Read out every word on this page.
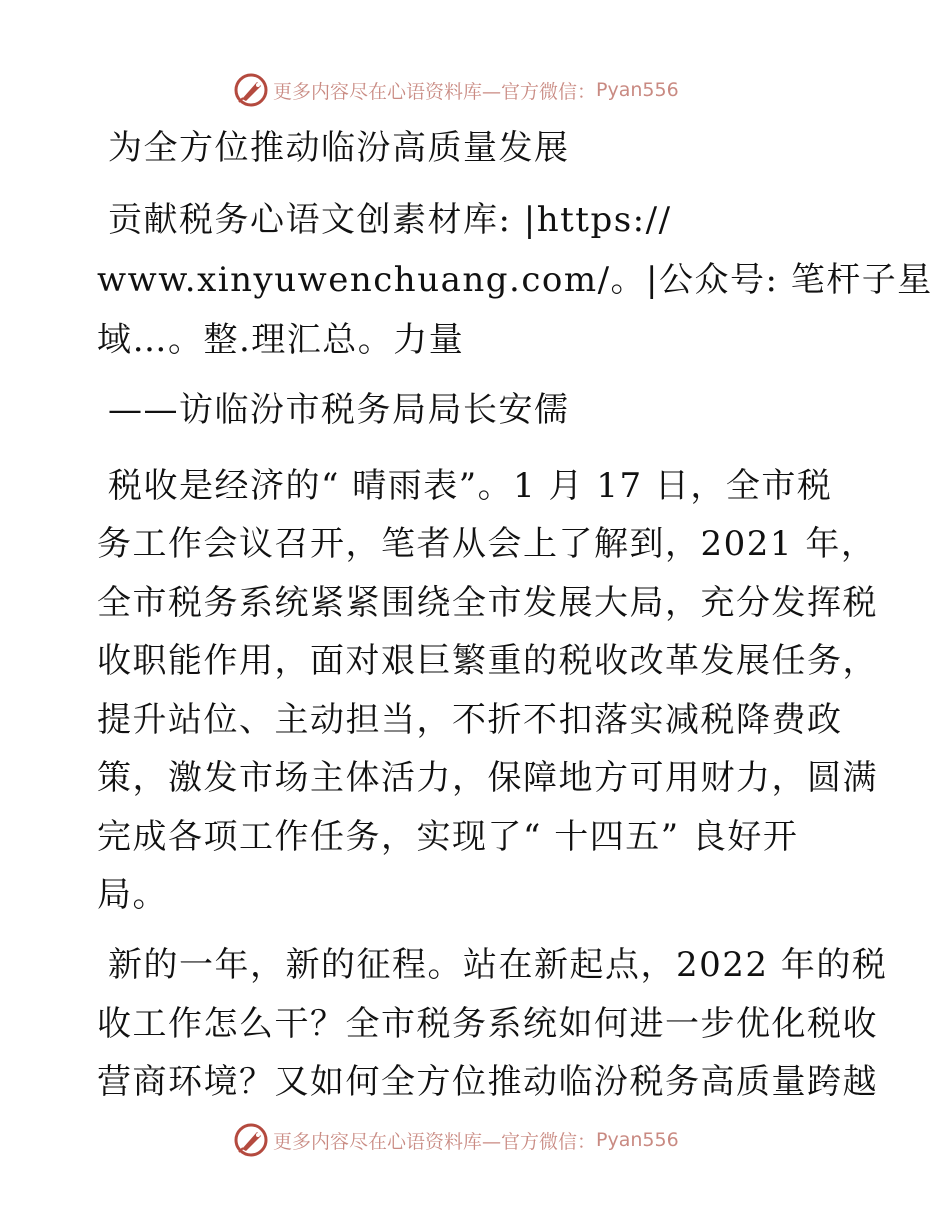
更多内容尽在心语资料库—官方微信： Pyan556

为全方位推动临汾高质量发展

贡献税务心语文创素材库: |https://

www.xinyuwenchuang.com/。|公众号: 笔杆子星

域…。整.理汇总。力量

——访临汾市税务局局长安儒

税收是经济的“ 晴雨表”。1 月 17 日，全市税

务工作会议召开，笔者从会上了解到，2021 年，

全市税务系统紧紧围绕全市发展大局，充分发挥税

收职能作用，面对艰巨繁重的税收改革发展任务，

提升站位、主动担当，不折不扣落实减税降费政

策，激发市场主体活力，保障地方可用财力，圆满

完成各项工作任务，实现了“ 十四五” 良好开

局。

新的一年，新的征程。站在新起点，2022 年的税

收工作怎么干？全市税务系统如何进一步优化税收

营商环境？又如何全方位推动临汾税务高质量跨越

更多内容尽在心语资料库—官方微信： Pyan556
